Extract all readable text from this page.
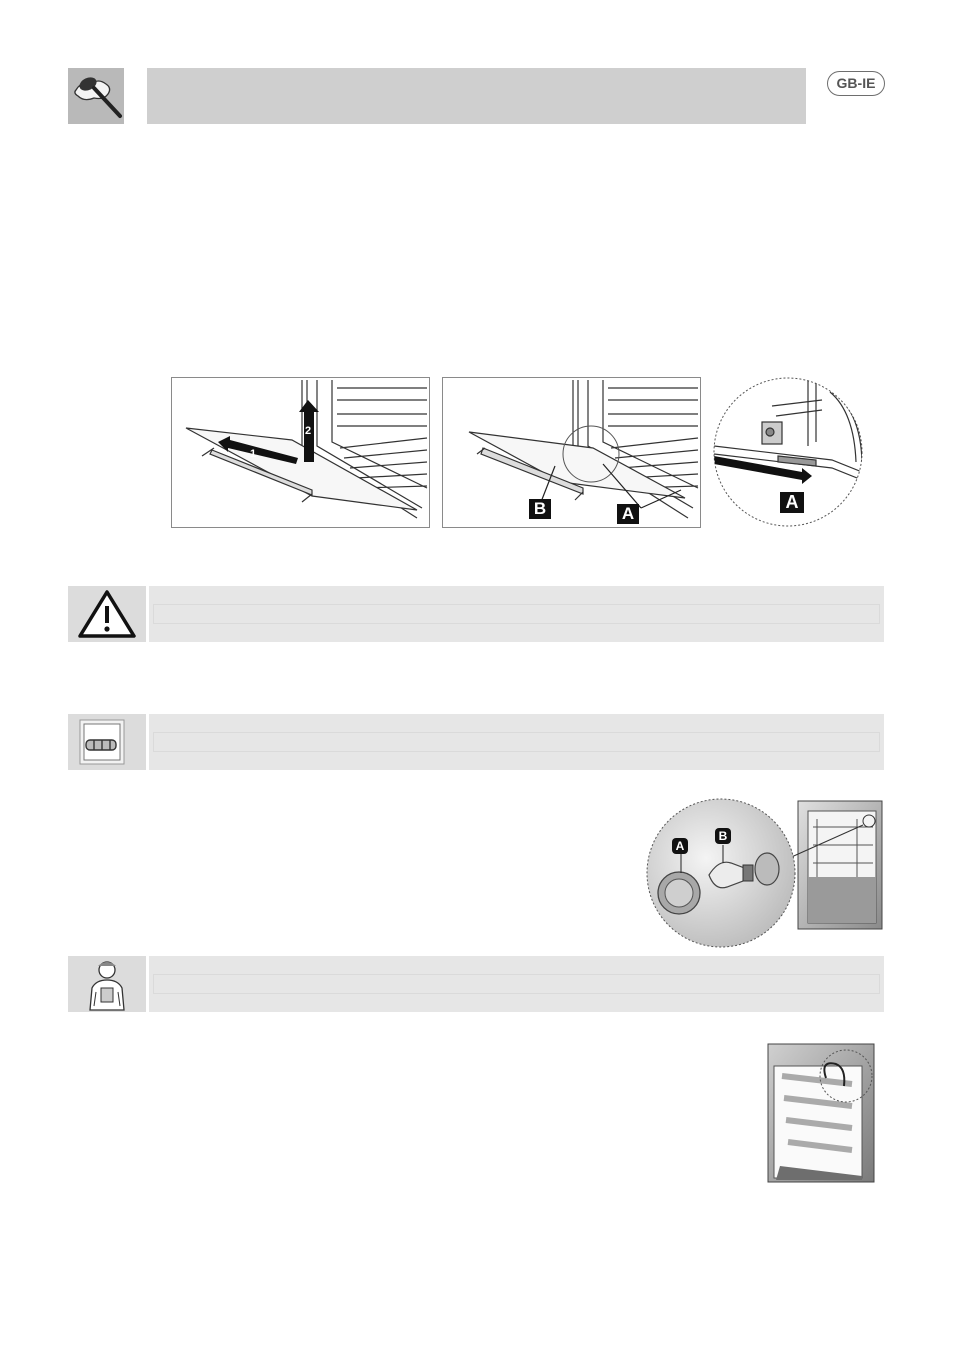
GB-IE
1
2
B	A
A
A
B
